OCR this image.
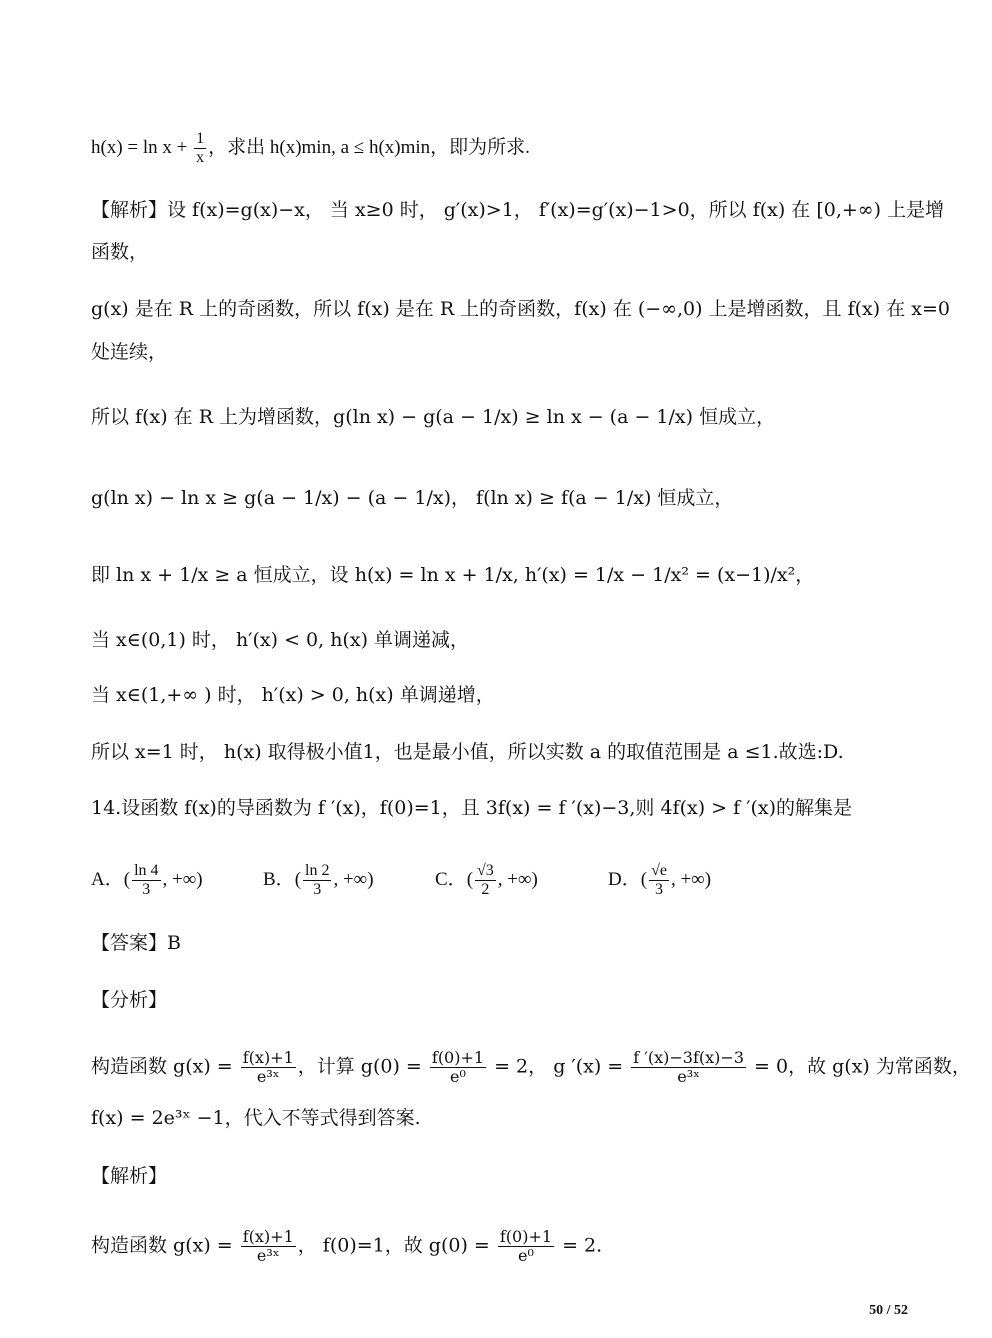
$h(x) = \ln x + \frac{1}{x}$ ，求出 h(x)min, a ≤ h(x)min，即为所求.
【解析】设 f(x)=g(x)−x， 当 x≥0 时， g′(x)>1， f′(x)=g′(x)−1>0，所以 f(x) 在 [0,+∞) 上是增
函数，
g(x) 是在 R 上的奇函数，所以 f(x) 是在 R 上的奇函数，f(x) 在 (−∞,0) 上是增函数，且 f(x) 在 x=0
处连续，
所以 f(x) 在 R 上为增函数，g(ln x) − g(a − 1/x) ≥ ln x − (a − 1/x) 恒成立，
g(ln x) − ln x ≥ g(a − 1/x) − (a − 1/x)， f(ln x) ≥ f(a − 1/x) 恒成立，
即 ln x + 1/x ≥ a 恒成立，设 h(x) = ln x + 1/x, h′(x) = 1/x − 1/x² = (x−1)/x²，
当 x∈(0,1) 时， h′(x) < 0, h(x) 单调递减，
当 x∈(1,+∞ ) 时， h′(x) > 0, h(x) 单调递增，
所以 x=1 时， h(x) 取得极小值1，也是最小值，所以实数 a 的取值范围是 a ≤1.故选:D.
14.设函数 f(x)的导函数为 f ′(x)，f(0)=1，且 3f(x) = f ′(x)−3,则 4f(x) > f ′(x)的解集是
A．( $\frac{\ln 4}{3}$ , +∞)	B．( $\frac{\ln 2}{3}$ , +∞)	C．( $\frac{√3}{2}$ , +∞)	D．( $\frac{√e}{3}$ , +∞)
【答案】B
【分析】
构造函数 $g(x) = \frac{f(x)+1}{\text{e³ˣ}}$ ，计算 $g(0) = \frac{f(0)+1}{\text{e⁰}} = 2$， g $'(x) = \frac{f '(x)-3f(x)-3}{\text{e³ˣ}} = 0$，故 g(x) 为常函数，
f(x) = 2e³ˣ −1，代入不等式得到答案.
【解析】
构造函数 $g(x) = \frac{f(x)+1}{\text{e³ˣ}}$ ， f(0)=1，故 $g(0) = \frac{f(0)+1}{\text{e⁰}} = 2$.
50 / 52
